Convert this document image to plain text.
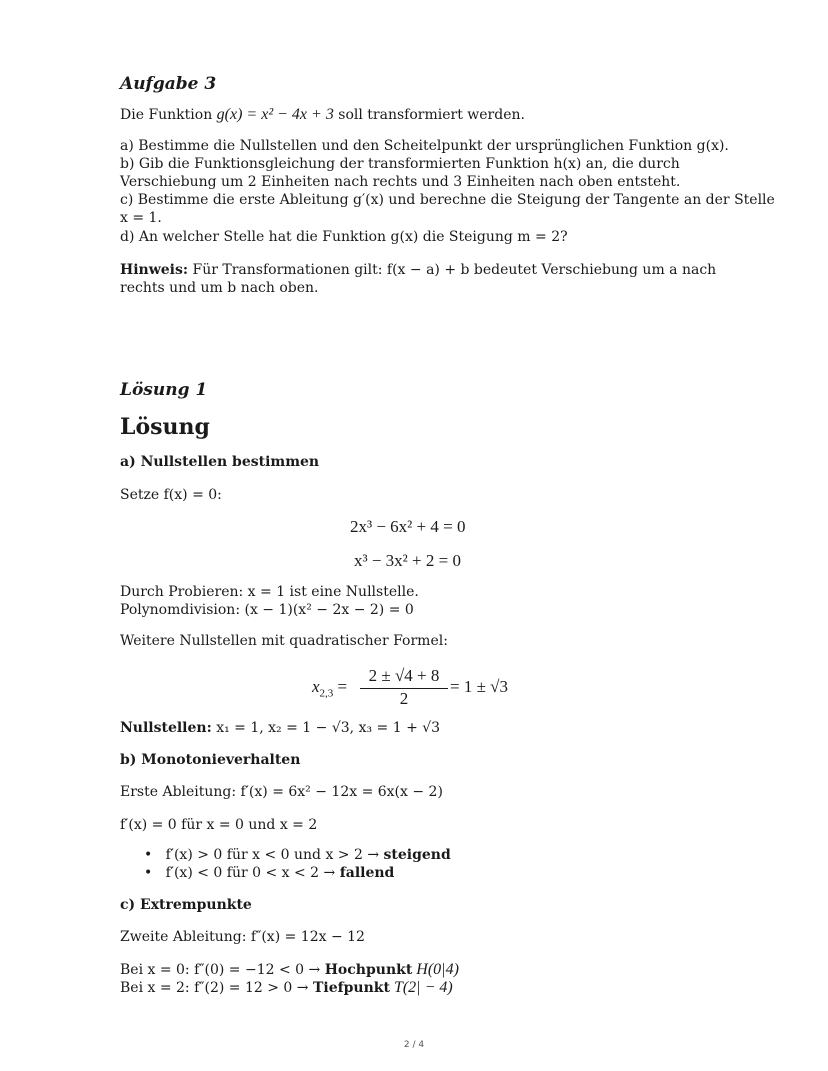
Aufgabe 3
Die Funktion g(x) = x² − 4x + 3 soll transformiert werden.
a) Bestimme die Nullstellen und den Scheitelpunkt der ursprünglichen Funktion g(x).
b) Gib die Funktionsgleichung der transformierten Funktion h(x) an, die durch
Verschiebung um 2 Einheiten nach rechts und 3 Einheiten nach oben entsteht.
c) Bestimme die erste Ableitung g′(x) und berechne die Steigung der Tangente an der Stelle
x = 1.
d) An welcher Stelle hat die Funktion g(x) die Steigung m = 2?
Hinweis: Für Transformationen gilt: f(x − a) + b bedeutet Verschiebung um a nach
rechts und um b nach oben.
Lösung 1
Lösung
a) Nullstellen bestimmen
Setze f(x) = 0:
2x³ − 6x² + 4 = 0
x³ − 3x² + 2 = 0
Durch Probieren: x = 1 ist eine Nullstelle.
Polynomdivision: (x − 1)(x² − 2x − 2) = 0
Weitere Nullstellen mit quadratischer Formel:
$x_{2,3}$ =
2 ± √4 + 8
2
= 1 ± √3
Nullstellen: x₁ = 1, x₂ = 1 − √3, x₃ = 1 + √3
b) Monotonieverhalten
Erste Ableitung: f′(x) = 6x² − 12x = 6x(x − 2)
f′(x) = 0 für x = 0 und x = 2
•   f′(x) > 0 für x < 0 und x > 2 → steigend
•   f′(x) < 0 für 0 < x < 2 → fallend
c) Extrempunkte
Zweite Ableitung: f″(x) = 12x − 12
Bei x = 0: f″(0) = −12 < 0 → Hochpunkt H(0|4)
Bei x = 2: f″(2) = 12 > 0 → Tiefpunkt T(2| − 4)
2 / 4
